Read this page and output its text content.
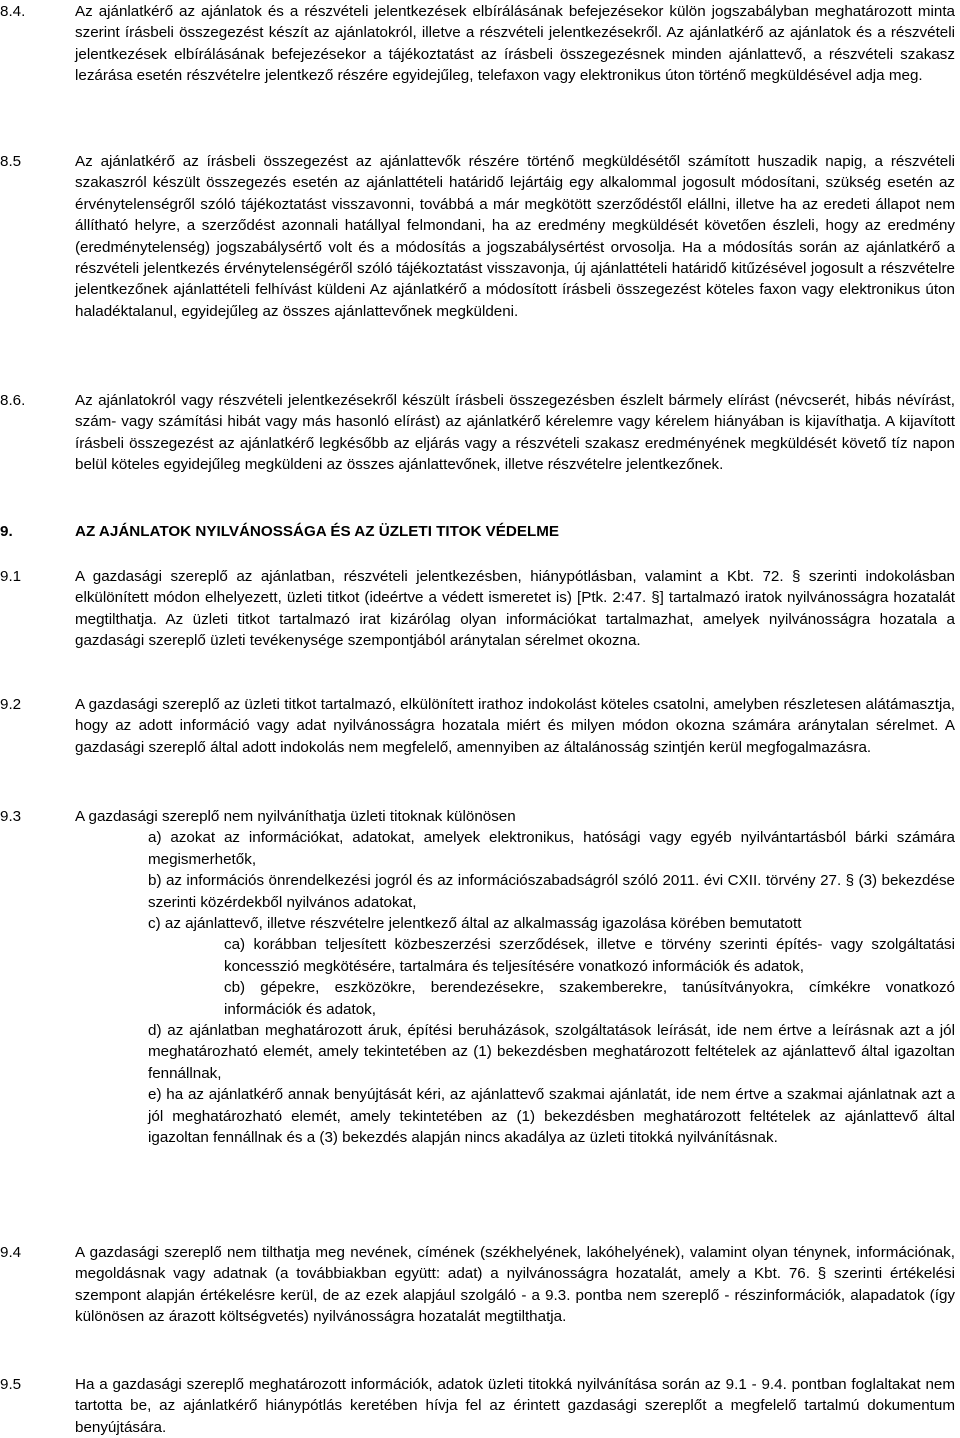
8.4.	Az ajánlatkérő az ajánlatok és a részvételi jelentkezések elbírálásának befejezésekor külön jogszabályban meghatározott minta szerint írásbeli összegezést készít az ajánlatokról, illetve a részvételi jelentkezésekről. Az ajánlatkérő az ajánlatok és a részvételi jelentkezések elbírálásának befejezésekor a tájékoztatást az írásbeli összegezésnek minden ajánlattevő, a részvételi szakasz lezárása esetén részvételre jelentkező részére egyidejűleg, telefaxon vagy elektronikus úton történő megküldésével adja meg.
8.5	Az ajánlatkérő az írásbeli összegezést az ajánlattevők részére történő megküldésétől számított huszadik napig, a részvételi szakaszról készült összegezés esetén az ajánlattételi határidő lejártáig egy alkalommal jogosult módosítani, szükség esetén az érvénytelenségről szóló tájékoztatást visszavonni, továbbá a már megkötött szerződéstől elállni, illetve ha az eredeti állapot nem állítható helyre, a szerződést azonnali hatállyal felmondani, ha az eredmény megküldését követően észleli, hogy az eredmény (eredménytelenség) jogszabálysértő volt és a módosítás a jogszabálysértést orvosolja. Ha a módosítás során az ajánlatkérő a részvételi jelentkezés érvénytelenségéről szóló tájékoztatást visszavonja, új ajánlattételi határidő kitűzésével jogosult a részvételre jelentkezőnek ajánlattételi felhívást küldeni Az ajánlatkérő a módosított írásbeli összegezést köteles faxon vagy elektronikus úton haladéktalanul, egyidejűleg az összes ajánlattevőnek megküldeni.
8.6.	Az ajánlatokról vagy részvételi jelentkezésekről készült írásbeli összegezésben észlelt bármely elírást (névcserét, hibás névírást, szám- vagy számítási hibát vagy más hasonló elírást) az ajánlatkérő kérelemre vagy kérelem hiányában is kijavíthatja. A kijavított írásbeli összegezést az ajánlatkérő legkésőbb az eljárás vagy a részvételi szakasz eredményének megküldését követő tíz napon belül köteles egyidejűleg megküldeni az összes ajánlattevőnek, illetve részvételre jelentkezőnek.
9.	AZ AJÁNLATOK NYILVÁNOSSÁGA ÉS AZ ÜZLETI TITOK VÉDELME
9.1	A gazdasági szereplő az ajánlatban, részvételi jelentkezésben, hiánypótlásban, valamint a Kbt. 72. § szerinti indokolásban elkülönített módon elhelyezett, üzleti titkot (ideértve a védett ismeretet is) [Ptk. 2:47. §] tartalmazó iratok nyilvánosságra hozatalát megtilthatja. Az üzleti titkot tartalmazó irat kizárólag olyan információkat tartalmazhat, amelyek nyilvánosságra hozatala a gazdasági szereplő üzleti tevékenysége szempontjából aránytalan sérelmet okozna.
9.2	A gazdasági szereplő az üzleti titkot tartalmazó, elkülönített irathoz indokolást köteles csatolni, amelyben részletesen alátámasztja, hogy az adott információ vagy adat nyilvánosságra hozatala miért és milyen módon okozna számára aránytalan sérelmet. A gazdasági szereplő által adott indokolás nem megfelelő, amennyiben az általánosság szintjén kerül megfogalmazásra.
9.3	A gazdasági szereplő nem nyilváníthatja üzleti titoknak különösen
a) azokat az információkat, adatokat, amelyek elektronikus, hatósági vagy egyéb nyilvántartásból bárki számára megismerhetők,
b) az információs önrendelkezési jogról és az információszabadságról szóló 2011. évi CXII. törvény 27. § (3) bekezdése szerinti közérdekből nyilvános adatokat,
c) az ajánlattevő, illetve részvételre jelentkező által az alkalmasság igazolása körében bemutatott
ca) korábban teljesített közbeszerzési szerződések, illetve e törvény szerinti építés- vagy szolgáltatási koncesszió megkötésére, tartalmára és teljesítésére vonatkozó információk és adatok,
cb) gépekre, eszközökre, berendezésekre, szakemberekre, tanúsítványokra, címkékre vonatkozó információk és adatok,
d) az ajánlatban meghatározott áruk, építési beruházások, szolgáltatások leírását, ide nem értve a leírásnak azt a jól meghatározható elemét, amely tekintetében az (1) bekezdésben meghatározott feltételek az ajánlattevő által igazoltan fennállnak,
e) ha az ajánlatkérő annak benyújtását kéri, az ajánlattevő szakmai ajánlatát, ide nem értve a szakmai ajánlatnak azt a jól meghatározható elemét, amely tekintetében az (1) bekezdésben meghatározott feltételek az ajánlattevő által igazoltan fennállnak és a (3) bekezdés alapján nincs akadálya az üzleti titokká nyilvánításnak.
9.4	A gazdasági szereplő nem tilthatja meg nevének, címének (székhelyének, lakóhelyének), valamint olyan ténynek, információnak, megoldásnak vagy adatnak (a továbbiakban együtt: adat) a nyilvánosságra hozatalát, amely a Kbt. 76. § szerinti értékelési szempont alapján értékelésre kerül, de az ezek alapjául szolgáló - a 9.3. pontba nem szereplő - részinformációk, alapadatok (így különösen az árazott költségvetés) nyilvánosságra hozatalát megtilthatja.
9.5	Ha a gazdasági szereplő meghatározott információk, adatok üzleti titokká nyilvánítása során az 9.1 - 9.4. pontban foglaltakat nem tartotta be, az ajánlatkérő hiánypótlás keretében hívja fel az érintett gazdasági szereplőt a megfelelő tartalmú dokumentum benyújtására.
